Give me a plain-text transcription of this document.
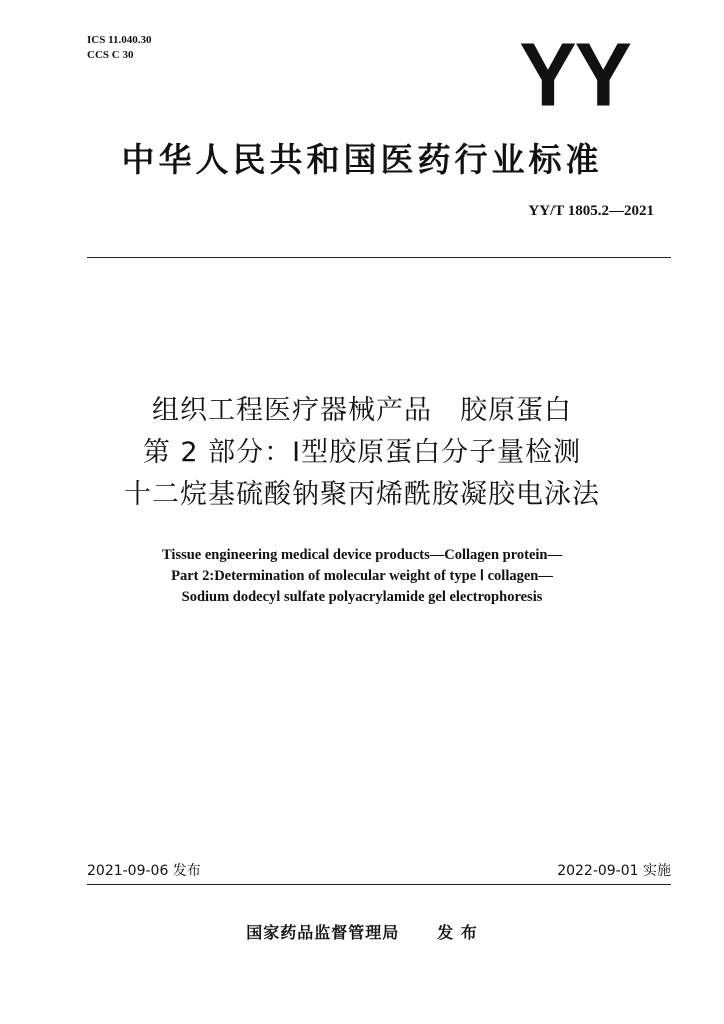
ICS 11.040.30
CCS C 30	YY
中华人民共和国医药行业标准
YY/T 1805.2—2021
组织工程医疗器械产品　胶原蛋白
第 2 部分：Ⅰ型胶原蛋白分子量检测
十二烷基硫酸钠聚丙烯酰胺凝胶电泳法
Tissue engineering medical device products—Collagen protein—
Part 2:Determination of molecular weight of type Ⅰ collagen—
Sodium dodecyl sulfate polyacrylamide gel electrophoresis
2021-09-06 发布	2022-09-01 实施
国家药品监督管理局 发 布
